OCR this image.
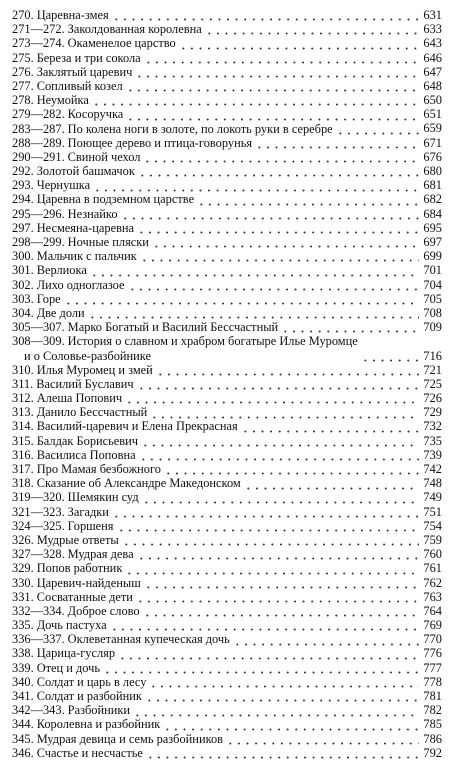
270. Царевна-змея	631
271—272. Заколдованная королевна	633
273—274. Окаменелое царство	643
275. Береза и три сокола	646
276. Заклятый царевич	647
277. Сопливый козел	648
278. Неумойка	650
279—282. Косоручка	651
283—287. По колена ноги в золоте, по локоть руки в серебре	659
288—289. Поющее дерево и птица-говорунья	671
290—291. Свиной чехол	676
292. Золотой башмачок	680
293. Чернушка	681
294. Царевна в подземном царстве	682
295—296. Незнайко	684
297. Несмеяна-царевна	695
298—299. Ночные пляски	697
300. Мальчик с пальчик	699
301. Верлиока	701
302. Лихо одноглазое	704
303. Горе	705
304. Две доли	708
305—307. Марко Богатый и Василий Бессчастный	709
308—309. История о славном и храбром богатыре Илье Муромце
и о Соловье-разбойнике	716
310. Илья Муромец и змей	721
311. Василий Буславич	725
312. Алеша Попович	726
313. Данило Бессчастный	729
314. Василий-царевич и Елена Прекрасная	732
315. Балдак Борисьевич	735
316. Василиса Поповна	739
317. Про Мамая безбожного	742
318. Сказание об Александре Македонском	748
319—320. Шемякин суд	749
321—323. Загадки	751
324—325. Горшеня	754
326. Мудрые ответы	759
327—328. Мудрая дева	760
329. Попов работник	761
330. Царевич-найденыш	762
331. Сосватанные дети	763
332—334. Доброе слово	764
335. Дочь пастуха	769
336—337. Оклеветанная купеческая дочь	770
338. Царица-гусляр	776
339. Отец и дочь	777
340. Солдат и царь в лесу	778
341. Солдат и разбойник	781
342—343. Разбойники	782
344. Королевна и разбойник	785
345. Мудрая девица и семь разбойников	786
346. Счастье и несчастье	792
